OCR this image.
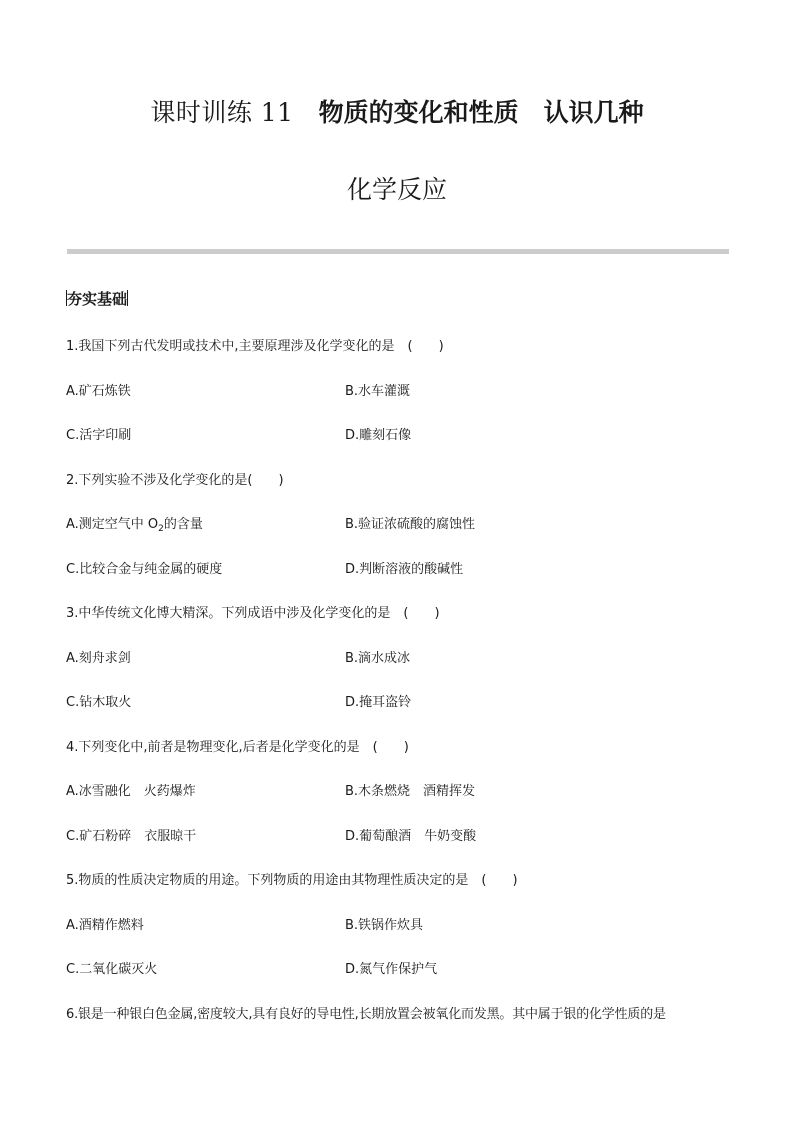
课时训练 11　 物质的变化和性质　 认识几种
化学反应
夯实基础
1.我国下列古代发明或技术中,主要原理涉及化学变化的是　(　　)
A.矿石炼铁	B.水车灌溉
C.活字印刷	D.雕刻石像
2.下列实验不涉及化学变化的是(　　)
A.测定空气中 $O_2$的含量	B.验证浓硫酸的腐蚀性
C.比较合金与纯金属的硬度	D.判断溶液的酸碱性
3.中华传统文化博大精深。下列成语中涉及化学变化的是　(　　)
A.刻舟求剑	B.滴水成冰
C.钻木取火	D.掩耳盗铃
4.下列变化中,前者是物理变化,后者是化学变化的是　(　　)
A.冰雪融化　火药爆炸	B.木条燃烧　酒精挥发
C.矿石粉碎　衣服晾干	D.葡萄酿酒　牛奶变酸
5.物质的性质决定物质的用途。下列物质的用途由其物理性质决定的是　(　　)
A.酒精作燃料	B.铁锅作炊具
C.二氧化碳灭火	D.氮气作保护气
6.银是一种银白色金属,密度较大,具有良好的导电性,长期放置会被氧化而发黑。其中属于银的化学性质的是
